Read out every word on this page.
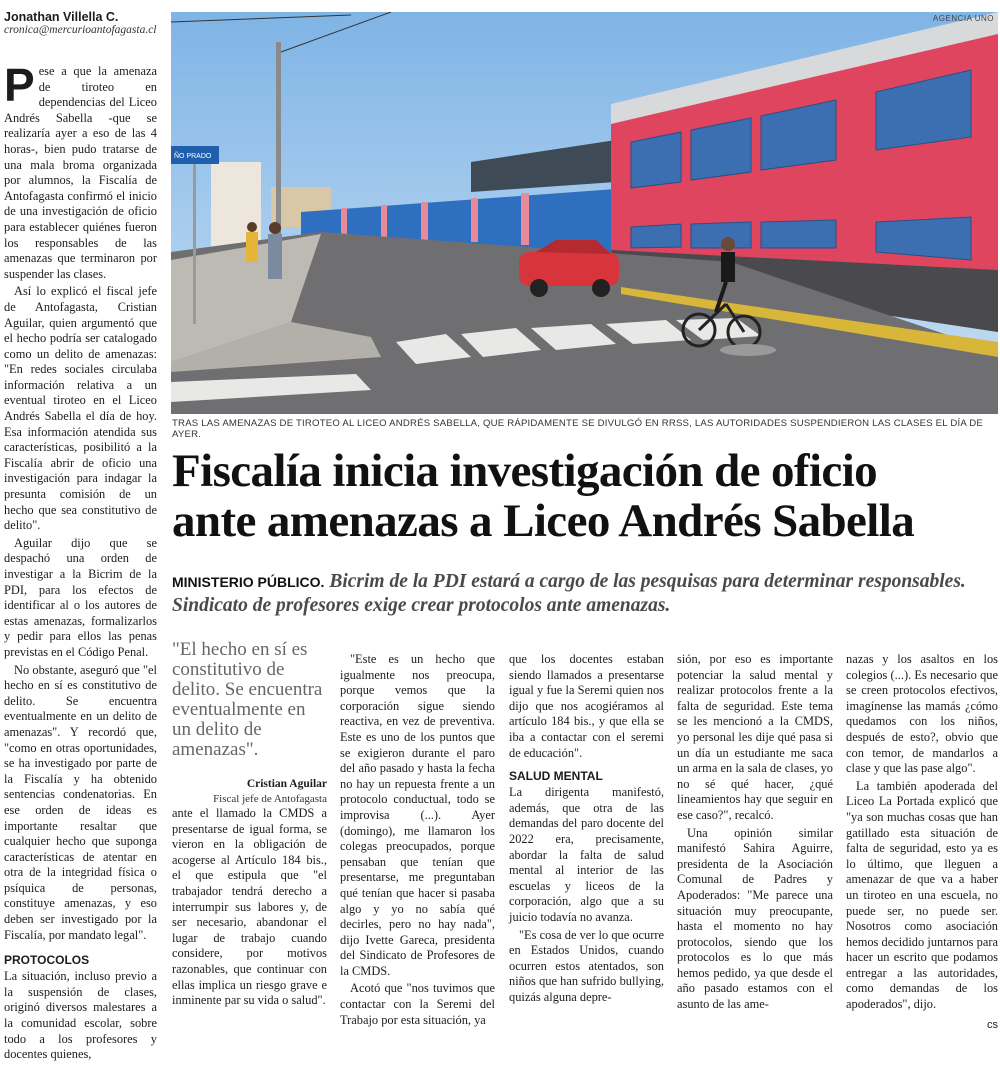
Jonathan Villella C.
cronica@mercurioantofagasta.cl

Pese a que la amenaza de tiroteo en dependencias del Liceo Andrés Sabella -que se realizaría ayer a eso de las 4 horas-, bien pudo tratarse de una mala broma organizada por alumnos, la Fiscalía de Antofagasta confirmó el inicio de una investigación de oficio para establecer quiénes fueron los responsables de las amenazas que terminaron por suspender las clases.

Así lo explicó el fiscal jefe de Antofagasta, Cristian Aguilar, quien argumentó que el hecho podría ser catalogado como un delito de amenazas: "En redes sociales circulaba información relativa a un eventual tiroteo en el Liceo Andrés Sabella el día de hoy. Esa información atendida sus características, posibilitó a la Fiscalía abrir de oficio una investigación para indagar la presunta comisión de un hecho que sea constitutivo de delito".

Aguilar dijo que se despachó una orden de investigar a la Bicrim de la PDI, para los efectos de identificar al o los autores de estas amenazas, formalizarlos y pedir para ellos las penas previstas en el Código Penal.

No obstante, aseguró que "el hecho en sí es constitutivo de delito. Se encuentra eventualmente en un delito de amenazas". Y recordó que, "como en otras oportunidades, se ha investigado por parte de la Fiscalía y ha obtenido sentencias condenatorias. En ese orden de ideas es importante resaltar que cualquier hecho que suponga características de atentar en otra de la integridad física o psíquica de personas, constituye amenazas, y eso deben ser investigado por la Fiscalía, por mandato legal".

PROTOCOLOS

La situación, incluso previo a la suspensión de clases, originó diversos malestares a la comunidad escolar, sobre todo a los profesores y docentes quienes,

ÑO PRADO
AGENCIA UNO
TRAS LAS AMENAZAS DE TIROTEO AL LICEO ANDRÉS SABELLA, QUE RÁPIDAMENTE SE DIVULGÓ EN RRSS, LAS AUTORIDADES SUSPENDIERON LAS CLASES EL DÍA DE AYER.
Fiscalía inicia investigación de oficio
ante amenazas a Liceo Andrés Sabella
MINISTERIO PÚBLICO. Bicrim de la PDI estará a cargo de las pesquisas para determinar responsables. Sindicato de profesores exige crear protocolos ante amenazas.
"El hecho en sí es constitutivo de delito. Se encuentra eventualmente en un delito de amenazas".
Cristian Aguilar
Fiscal jefe de Antofagasta

ante el llamado la CMDS a presentarse de igual forma, se vieron en la obligación de acogerse al Artículo 184 bis., el que estipula que "el trabajador tendrá derecho a interrumpir sus labores y, de ser necesario, abandonar el lugar de trabajo cuando considere, por motivos razonables, que continuar con ellas implica un riesgo grave e inminente par su vida o salud".

"Este es un hecho que igualmente nos preocupa, porque vemos que la corporación sigue siendo reactiva, en vez de preventiva. Este es uno de los puntos que se exigieron durante el paro del año pasado y hasta la fecha no hay un repuesta frente a un protocolo conductual, todo se improvisa (...). Ayer (domingo), me llamaron los colegas preocupados, porque pensaban que tenían que presentarse, me preguntaban qué tenían que hacer si pasaba algo y yo no sabía qué decirles, pero no hay nada", dijo Ivette Gareca, presidenta del Sindicato de Profesores de la CMDS.

Acotó que "nos tuvimos que contactar con la Seremi del Trabajo por esta situación, ya

que los docentes estaban siendo llamados a presentarse igual y fue la Seremi quien nos dijo que nos acogiéramos al artículo 184 bis., y que ella se iba a contactar con el seremi de educación".

SALUD MENTAL

La dirigenta manifestó, además, que otra de las demandas del paro docente del 2022 era, precisamente, abordar la falta de salud mental al interior de las escuelas y liceos de la corporación, algo que a su juicio todavía no avanza.

"Es cosa de ver lo que ocurre en Estados Unidos, cuando ocurren estos atentados, son niños que han sufrido bullying, quizás alguna depre-

sión, por eso es importante potenciar la salud mental y realizar protocolos frente a la falta de seguridad. Este tema se les mencionó a la CMDS, yo personal les dije qué pasa si un día un estudiante me saca un arma en la sala de clases, yo no sé qué hacer, ¿qué lineamientos hay que seguir en ese caso?", recalcó.

Una opinión similar manifestó Sahira Aguirre, presidenta de la Asociación Comunal de Padres y Apoderados: "Me parece una situación muy preocupante, hasta el momento no hay protocolos, siendo que los protocolos es lo que más hemos pedido, ya que desde el año pasado estamos con el asunto de las ame-

nazas y los asaltos en los colegios (...). Es necesario que se creen protocolos efectivos, imagínense las mamás ¿cómo quedamos con los niños, después de esto?, obvio que con temor, de mandarlos a clase y que las pase algo".

La también apoderada del Liceo La Portada explicó que "ya son muchas cosas que han gatillado esta situación de falta de seguridad, esto ya es lo último, que lleguen a amenazar de que va a haber un tiroteo en una escuela, no puede ser, no puede ser. Nosotros como asociación hemos decidido juntarnos para hacer un escrito que podamos entregar a las autoridades, como demandas de los apoderados", dijo.

cs
